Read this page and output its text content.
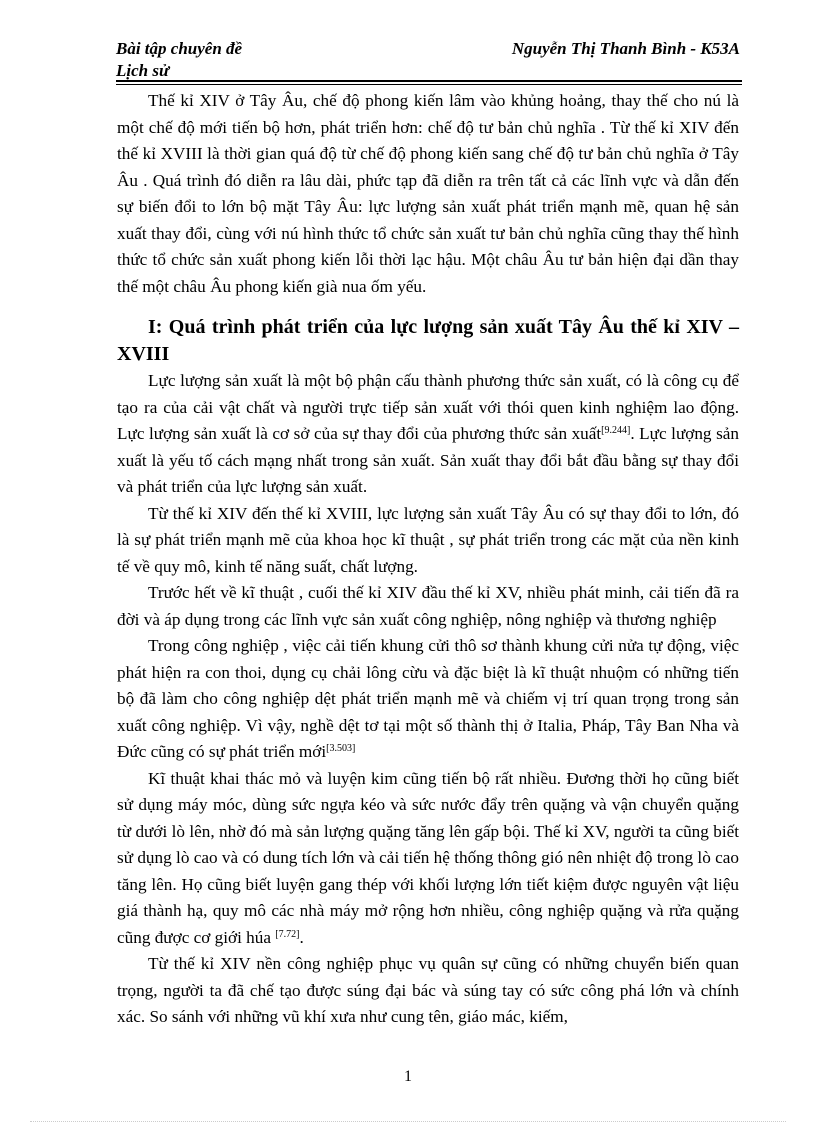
Bài tập chuyên đề
Lịch sử
Nguyễn Thị Thanh Bình - K53A

Thế kỉ XIV ở Tây Âu, chế độ phong kiến lâm vào khủng hoảng, thay thế cho nú là một chế độ mới tiến bộ hơn, phát triển hơn: chế độ tư bản chủ nghĩa . Từ thế kỉ XIV đến thế kỉ XVIII là thời gian quá độ từ chế độ phong kiến sang chế độ tư bản chủ nghĩa ở Tây Âu . Quá trình đó diễn ra lâu dài, phức tạp đã diễn ra trên tất cả các lĩnh vực và dẫn đến sự biến đổi to lớn bộ mặt Tây Âu: lực lượng sản xuất phát triển mạnh mẽ, quan hệ sản xuất thay đổi, cùng với nú hình thức tổ chức sản xuất tư bản chủ nghĩa cũng thay thế hình thức tổ chức sản xuất phong kiến lỗi thời lạc hậu. Một châu Âu tư bản hiện đại dần thay thế một châu Âu phong kiến già nua ốm yếu.

I: Quá trình phát triển của lực lượng sản xuất Tây Âu thế kỉ XIV –XVIII

Lực lượng sản xuất là một bộ phận cấu thành phương thức sản xuất, có là công cụ để tạo ra của cải vật chất và người trực tiếp sản xuất với thói quen kinh nghiệm lao động. Lực lượng sản xuất là cơ sở của sự thay đổi của phương thức sản xuất[9.244]. Lực lượng sản xuất là yếu tố cách mạng nhất trong sản xuất. Sản xuất thay đổi bắt đầu bằng sự thay đổi và phát triển của lực lượng sản xuất.

Từ thế kỉ XIV đến thế kỉ XVIII, lực lượng sản xuất Tây Âu có sự thay đổi to lớn, đó là sự phát triển mạnh mẽ của khoa học kĩ thuật , sự phát triển trong các mặt của nền kinh tế về quy mô, kinh tế năng suất, chất lượng.

Trước hết về kĩ thuật , cuối thế kỉ XIV đầu thế kỉ XV, nhiều phát minh, cải tiến đã ra đời và áp dụng trong các lĩnh vực sản xuất công nghiệp, nông nghiệp và thương nghiệp

Trong công nghiệp , việc cải tiến khung cửi thô sơ thành khung cửi nửa tự động, việc phát hiện ra con thoi, dụng cụ chải lông cừu và đặc biệt là kĩ thuật nhuộm có những tiến bộ đã làm cho công nghiệp dệt phát triển mạnh mẽ và chiếm vị trí quan trọng trong sản xuất công nghiệp. Vì vậy, nghề dệt tơ tại một số thành thị ở Italia, Pháp, Tây Ban Nha và Đức cũng có sự phát triển mới[3.503]

Kĩ thuật khai thác mỏ và luyện kim cũng tiến bộ rất nhiều. Đương thời họ cũng biết sử dụng máy móc, dùng sức ngựa kéo và sức nước đẩy trên quặng và vận chuyển quặng từ dưới lò lên, nhờ đó mà sản lượng quặng tăng lên gấp bội. Thế kỉ XV, người ta cũng biết sử dụng lò cao và có dung tích lớn và cải tiến hệ thống thông gió nên nhiệt độ trong lò cao tăng lên. Họ cũng biết luyện gang thép với khối lượng lớn tiết kiệm được nguyên vật liệu giá thành hạ, quy mô các nhà máy mở rộng hơn nhiều, công nghiệp quặng và rửa quặng cũng được cơ giới húa [7.72].

Từ thế kỉ XIV nền công nghiệp phục vụ quân sự cũng có những chuyển biến quan trọng, người ta đã chế tạo được súng đại bác và súng tay có sức công phá lớn và chính xác. So sánh với những vũ khí xưa như cung tên, giáo mác, kiếm,

1
